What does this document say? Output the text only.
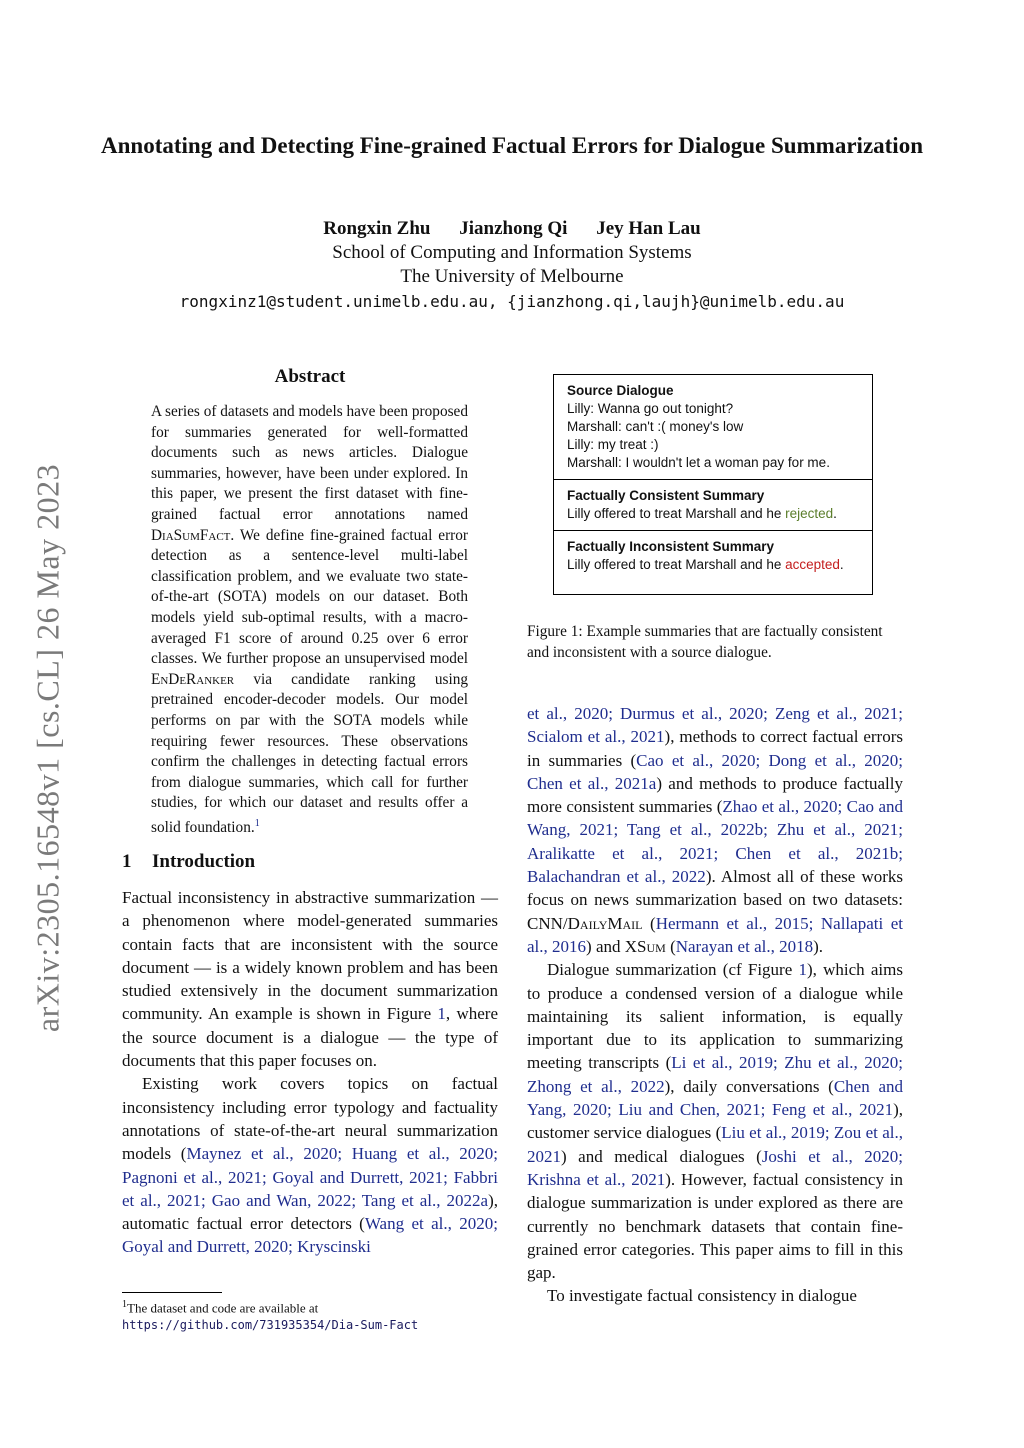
arXiv:2305.16548v1 [cs.CL] 26 May 2023
Annotating and Detecting Fine-grained Factual Errors for Dialogue Summarization
Rongxin Zhu Jianzhong Qi Jey Han Lau
School of Computing and Information Systems
The University of Melbourne
rongxinz1@student.unimelb.edu.au, {jianzhong.qi,laujh}@unimelb.edu.au
Abstract

A series of datasets and models have been proposed for summaries generated for well-formatted documents such as news articles. Dialogue summaries, however, have been under explored. In this paper, we present the first dataset with fine-grained factual error annotations named DiaSumFact. We define fine-grained factual error detection as a sentence-level multi-label classification problem, and we evaluate two state-of-the-art (SOTA) models on our dataset. Both models yield sub-optimal results, with a macro-averaged F1 score of around 0.25 over 6 error classes. We further propose an unsupervised model EnDeRanker via candidate ranking using pretrained encoder-decoder models. Our model performs on par with the SOTA models while requiring fewer resources. These observations confirm the challenges in detecting factual errors from dialogue summaries, which call for further studies, for which our dataset and results offer a solid foundation.$^1$

1 Introduction

Factual inconsistency in abstractive summarization — a phenomenon where model-generated summaries contain facts that are inconsistent with the source document — is a widely known problem and has been studied extensively in the document summarization community. An example is shown in Figure 1, where the source document is a dialogue — the type of documents that this paper focuses on.

Existing work covers topics on factual inconsistency including error typology and factuality annotations of state-of-the-art neural summarization models (Maynez et al., 2020; Huang et al., 2020; Pagnoni et al., 2021; Goyal and Durrett, 2021; Fabbri et al., 2021; Gao and Wan, 2022; Tang et al., 2022a), automatic factual error detectors (Wang et al., 2020; Goyal and Durrett, 2020; Kryscinski

$^1$The dataset and code are available at https://github.com/731935354/Dia-Sum-Fact
Source Dialogue
Lilly: Wanna go out tonight?
Marshall: can't :( money's low
Lilly: my treat :)
Marshall: I wouldn't let a woman pay for me.
Factually Consistent Summary
Lilly offered to treat Marshall and he rejected.
Factually Inconsistent Summary
Lilly offered to treat Marshall and he accepted.
Figure 1: Example summaries that are factually consistent and inconsistent with a source dialogue.

et al., 2020; Durmus et al., 2020; Zeng et al., 2021; Scialom et al., 2021), methods to correct factual errors in summaries (Cao et al., 2020; Dong et al., 2020; Chen et al., 2021a) and methods to produce factually more consistent summaries (Zhao et al., 2020; Cao and Wang, 2021; Tang et al., 2022b; Zhu et al., 2021; Aralikatte et al., 2021; Chen et al., 2021b; Balachandran et al., 2022). Almost all of these works focus on news summarization based on two datasets: CNN/DailyMail (Hermann et al., 2015; Nallapati et al., 2016) and XSum (Narayan et al., 2018).

Dialogue summarization (cf Figure 1), which aims to produce a condensed version of a dialogue while maintaining its salient information, is equally important due to its application to summarizing meeting transcripts (Li et al., 2019; Zhu et al., 2020; Zhong et al., 2022), daily conversations (Chen and Yang, 2020; Liu and Chen, 2021; Feng et al., 2021), customer service dialogues (Liu et al., 2019; Zou et al., 2021) and medical dialogues (Joshi et al., 2020; Krishna et al., 2021). However, factual consistency in dialogue summarization is under explored as there are currently no benchmark datasets that contain fine-grained error categories. This paper aims to fill in this gap.

To investigate factual consistency in dialogue
